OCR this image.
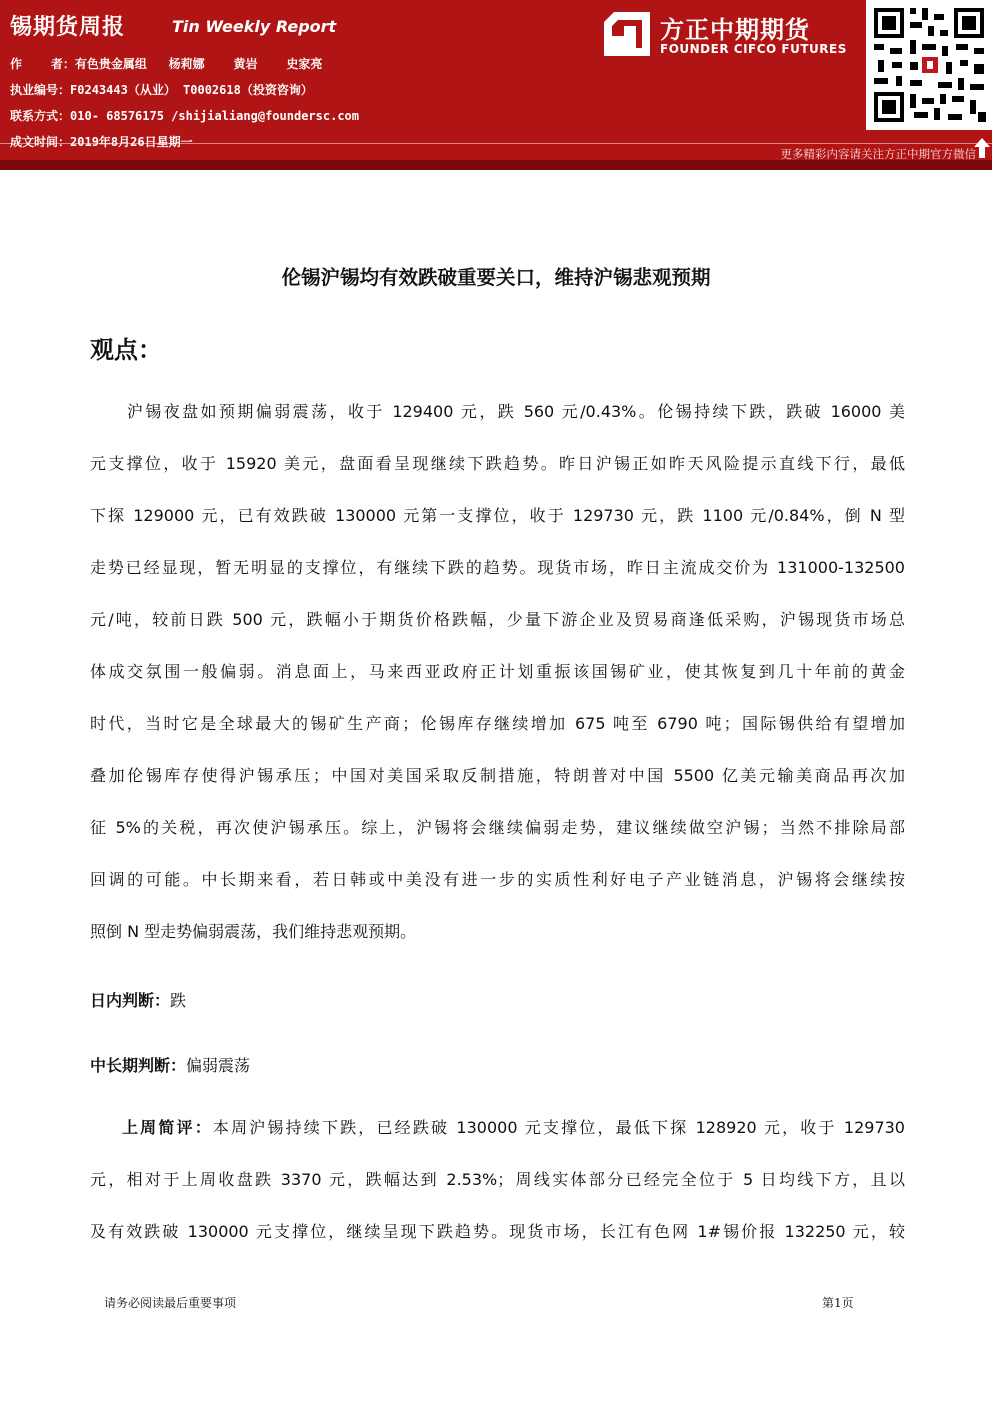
锡期货周报	Tin Weekly Report
作    者：有色贵金属组   杨莉娜    黄岩    史家亮
执业编号：F0243443（从业） T0002618（投资咨询）
联系方式：010- 68576175 /shijialiang@foundersc.com
成文时间：2019年8月26日星期一
方正中期期货
FOUNDER CIFCO FUTURES
更多精彩内容请关注方正中期官方微信
伦锡沪锡均有效跌破重要关口，维持沪锡悲观预期
观点：
　　沪锡夜盘如预期偏弱震荡，收于 129400 元，跌 560 元/0.43%。伦锡持续下跌，跌破 16000 美
元支撑位，收于 15920 美元，盘面看呈现继续下跌趋势。昨日沪锡正如昨天风险提示直线下行，最低
下探 129000 元，已有效跌破 130000 元第一支撑位，收于 129730 元，跌 1100 元/0.84%，倒 N 型
走势已经显现，暂无明显的支撑位，有继续下跌的趋势。现货市场，昨日主流成交价为 131000-132500
元/吨，较前日跌 500 元，跌幅小于期货价格跌幅，少量下游企业及贸易商逢低采购，沪锡现货市场总
体成交氛围一般偏弱。消息面上，马来西亚政府正计划重振该国锡矿业，使其恢复到几十年前的黄金
时代，当时它是全球最大的锡矿生产商；伦锡库存继续增加 675 吨至 6790 吨；国际锡供给有望增加
叠加伦锡库存使得沪锡承压；中国对美国采取反制措施，特朗普对中国 5500 亿美元输美商品再次加
征 5%的关税，再次使沪锡承压。综上，沪锡将会继续偏弱走势，建议继续做空沪锡；当然不排除局部
回调的可能。中长期来看，若日韩或中美没有进一步的实质性利好电子产业链消息，沪锡将会继续按
照倒 N 型走势偏弱震荡，我们维持悲观预期。
日内判断：跌
中长期判断：偏弱震荡
上周简评：本周沪锡持续下跌，已经跌破 130000 元支撑位，最低下探 128920 元，收于 129730
元，相对于上周收盘跌 3370 元，跌幅达到 2.53%；周线实体部分已经完全位于 5 日均线下方，且以
及有效跌破 130000 元支撑位，继续呈现下跌趋势。现货市场，长江有色网 1#锡价报 132250 元，较
请务必阅读最后重要事项	第1页
